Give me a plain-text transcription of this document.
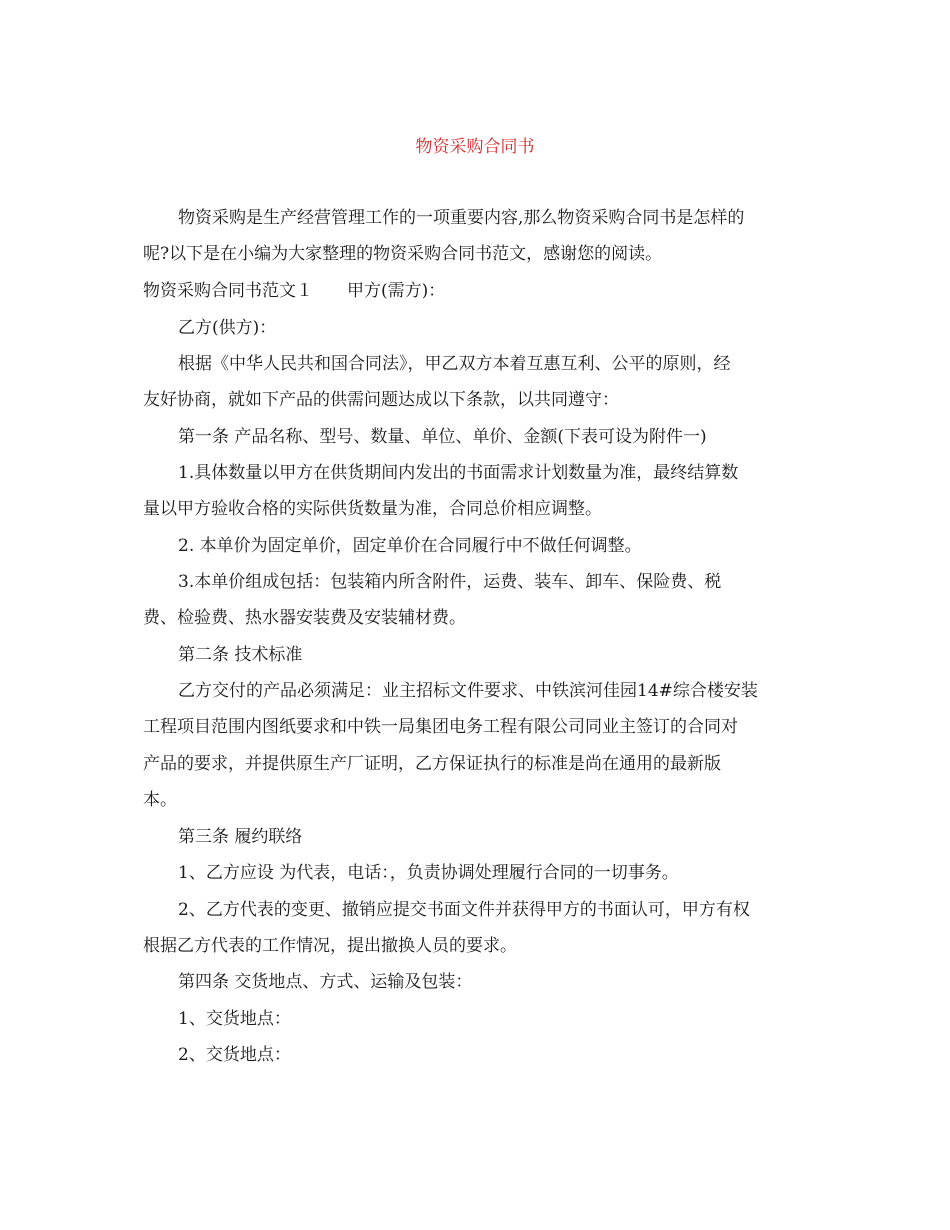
物资采购合同书
物资采购是生产经营管理工作的一项重要内容,那么物资采购合同书是怎样的
呢?以下是在小编为大家整理的物资采购合同书范文，感谢您的阅读。
物资采购合同书范文１　　甲方(需方)：
乙方(供方)：
根据《中华人民共和国合同法》，甲乙双方本着互惠互利、公平的原则，经
友好协商，就如下产品的供需问题达成以下条款，以共同遵守：
第一条 产品名称、型号、数量、单位、单价、金额(下表可设为附件一)
1.具体数量以甲方在供货期间内发出的书面需求计划数量为准，最终结算数
量以甲方验收合格的实际供货数量为准，合同总价相应调整。
2. 本单价为固定单价，固定单价在合同履行中不做任何调整。
3.本单价组成包括：包装箱内所含附件，运费、装车、卸车、保险费、税
费、检验费、热水器安装费及安装辅材费。
第二条 技术标准
乙方交付的产品必须满足：业主招标文件要求、中铁滨河佳园14#综合楼安装
工程项目范围内图纸要求和中铁一局集团电务工程有限公司同业主签订的合同对
产品的要求，并提供原生产厂证明，乙方保证执行的标准是尚在通用的最新版
本。
第三条 履约联络
1、乙方应设 为代表，电话：，负责协调处理履行合同的一切事务。
2、乙方代表的变更、撤销应提交书面文件并获得甲方的书面认可，甲方有权
根据乙方代表的工作情况，提出撤换人员的要求。
第四条 交货地点、方式、运输及包装：
1、交货地点：
2、交货地点：
